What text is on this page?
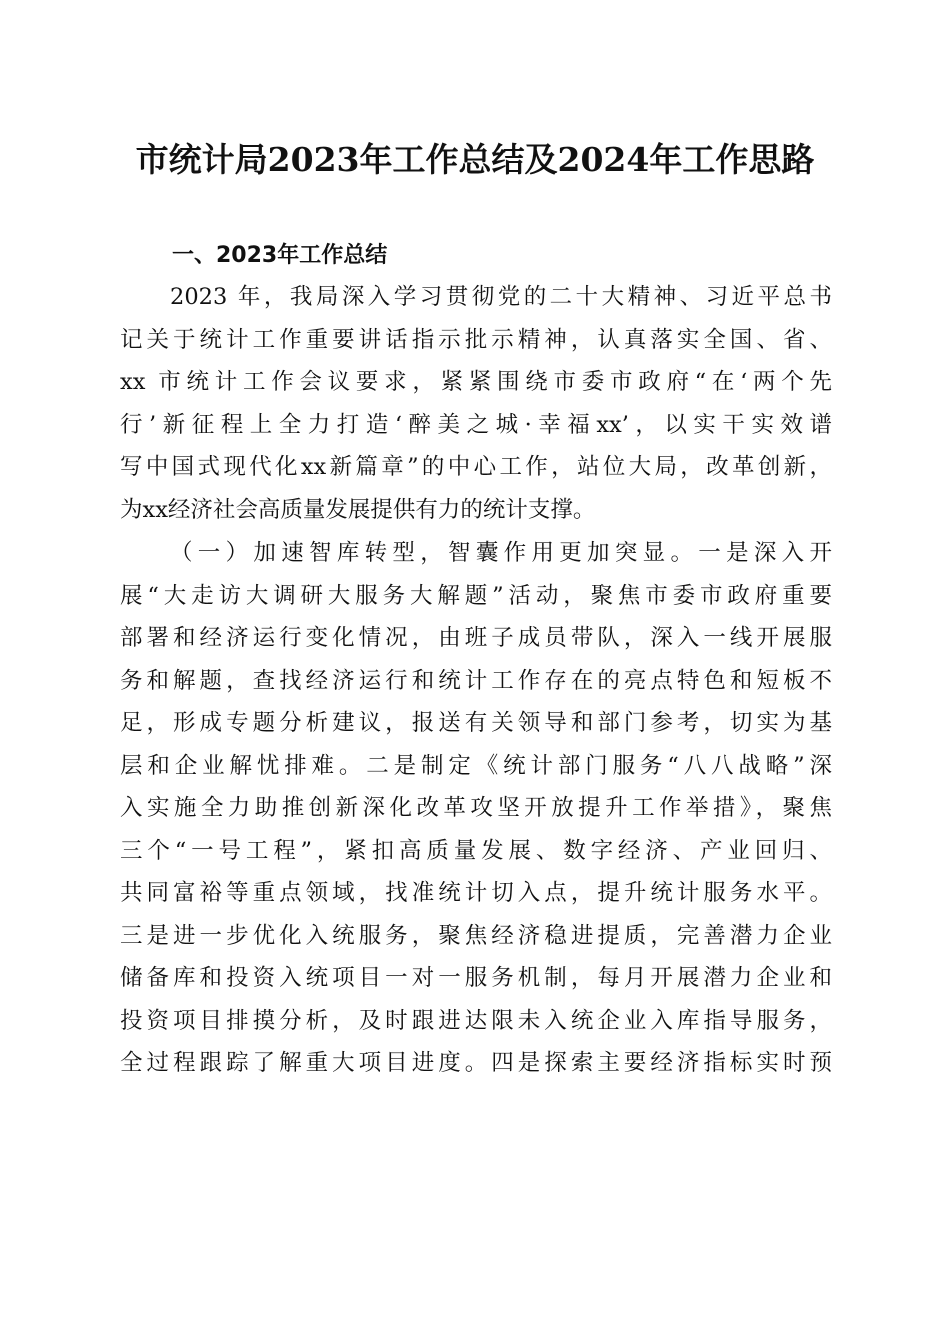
市统计局2023年工作总结及2024年工作思路
一、2023年工作总结
2023 年，我局深入学习贯彻党的二十大精神、习近平总书
记关于统计工作重要讲话指示批示精神，认真落实全国、省、
xx 市统计工作会议要求，紧紧围绕市委市政府“在‘两个先
行’新征程上全力打造‘醉美之城·幸福xx’，以实干实效谱
写中国式现代化xx新篇章”的中心工作，站位大局，改革创新，
为xx经济社会高质量发展提供有力的统计支撑。
（一）加速智库转型，智囊作用更加突显。一是深入开
展“大走访大调研大服务大解题”活动，聚焦市委市政府重要
部署和经济运行变化情况，由班子成员带队，深入一线开展服
务和解题，查找经济运行和统计工作存在的亮点特色和短板不
足，形成专题分析建议，报送有关领导和部门参考，切实为基
层和企业解忧排难。二是制定《统计部门服务“八八战略”深
入实施全力助推创新深化改革攻坚开放提升工作举措》，聚焦
三个“一号工程”，紧扣高质量发展、数字经济、产业回归、
共同富裕等重点领域，找准统计切入点，提升统计服务水平。
三是进一步优化入统服务，聚焦经济稳进提质，完善潜力企业
储备库和投资入统项目一对一服务机制，每月开展潜力企业和
投资项目排摸分析，及时跟进达限未入统企业入库指导服务，
全过程跟踪了解重大项目进度。四是探索主要经济指标实时预
